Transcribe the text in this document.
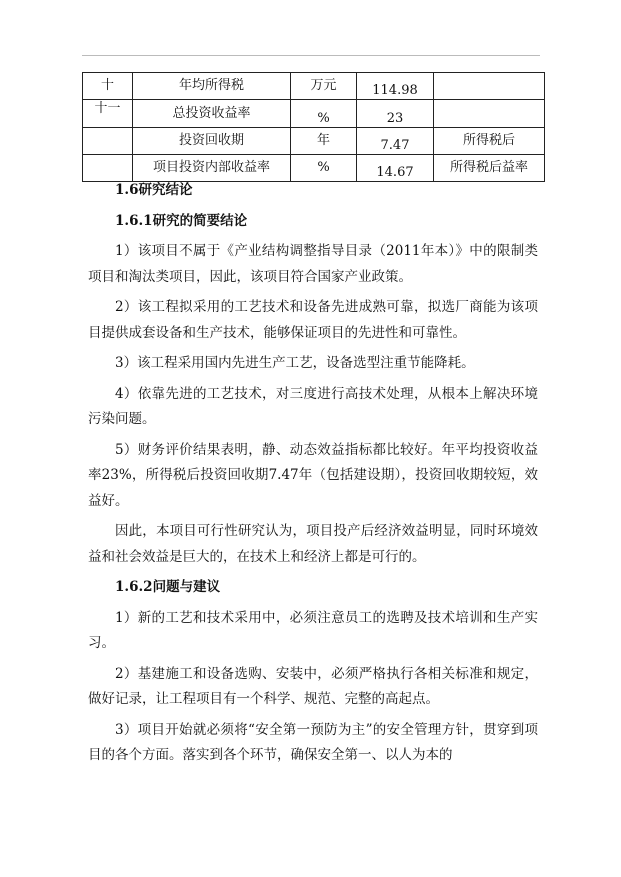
十	年均所得税	万元	114.98	
十一	总投资收益率	%	23	
	投资回收期	年	7.47	所得税后
	项目投资内部收益率	%	14.67	所得税后益率
1.6研究结论
1.6.1研究的简要结论

1）该项目不属于《产业结构调整指导目录（2011年本）》中的限制类项目和淘汰类项目，因此，该项目符合国家产业政策。

2）该工程拟采用的工艺技术和设备先进成熟可靠，拟选厂商能为该项目提供成套设备和生产技术，能够保证项目的先进性和可靠性。

3）该工程采用国内先进生产工艺，设备选型注重节能降耗。

4）依靠先进的工艺技术，对三度进行高技术处理，从根本上解决环境污染问题。

5）财务评价结果表明，静、动态效益指标都比较好。年平均投资收益率23%，所得税后投资回收期7.47年（包括建设期），投资回收期较短，效益好。

因此，本项目可行性研究认为，项目投产后经济效益明显，同时环境效益和社会效益是巨大的，在技术上和经济上都是可行的。

1.6.2问题与建议

1）新的工艺和技术采用中，必须注意员工的选聘及技术培训和生产实习。

2）基建施工和设备选购、安装中，必须严格执行各相关标准和规定，做好记录，让工程项目有一个科学、规范、完整的高起点。

3）项目开始就必须将“安全第一预防为主”的安全管理方针，贯穿到项目的各个方面。落实到各个环节，确保安全第一、以人为本的
